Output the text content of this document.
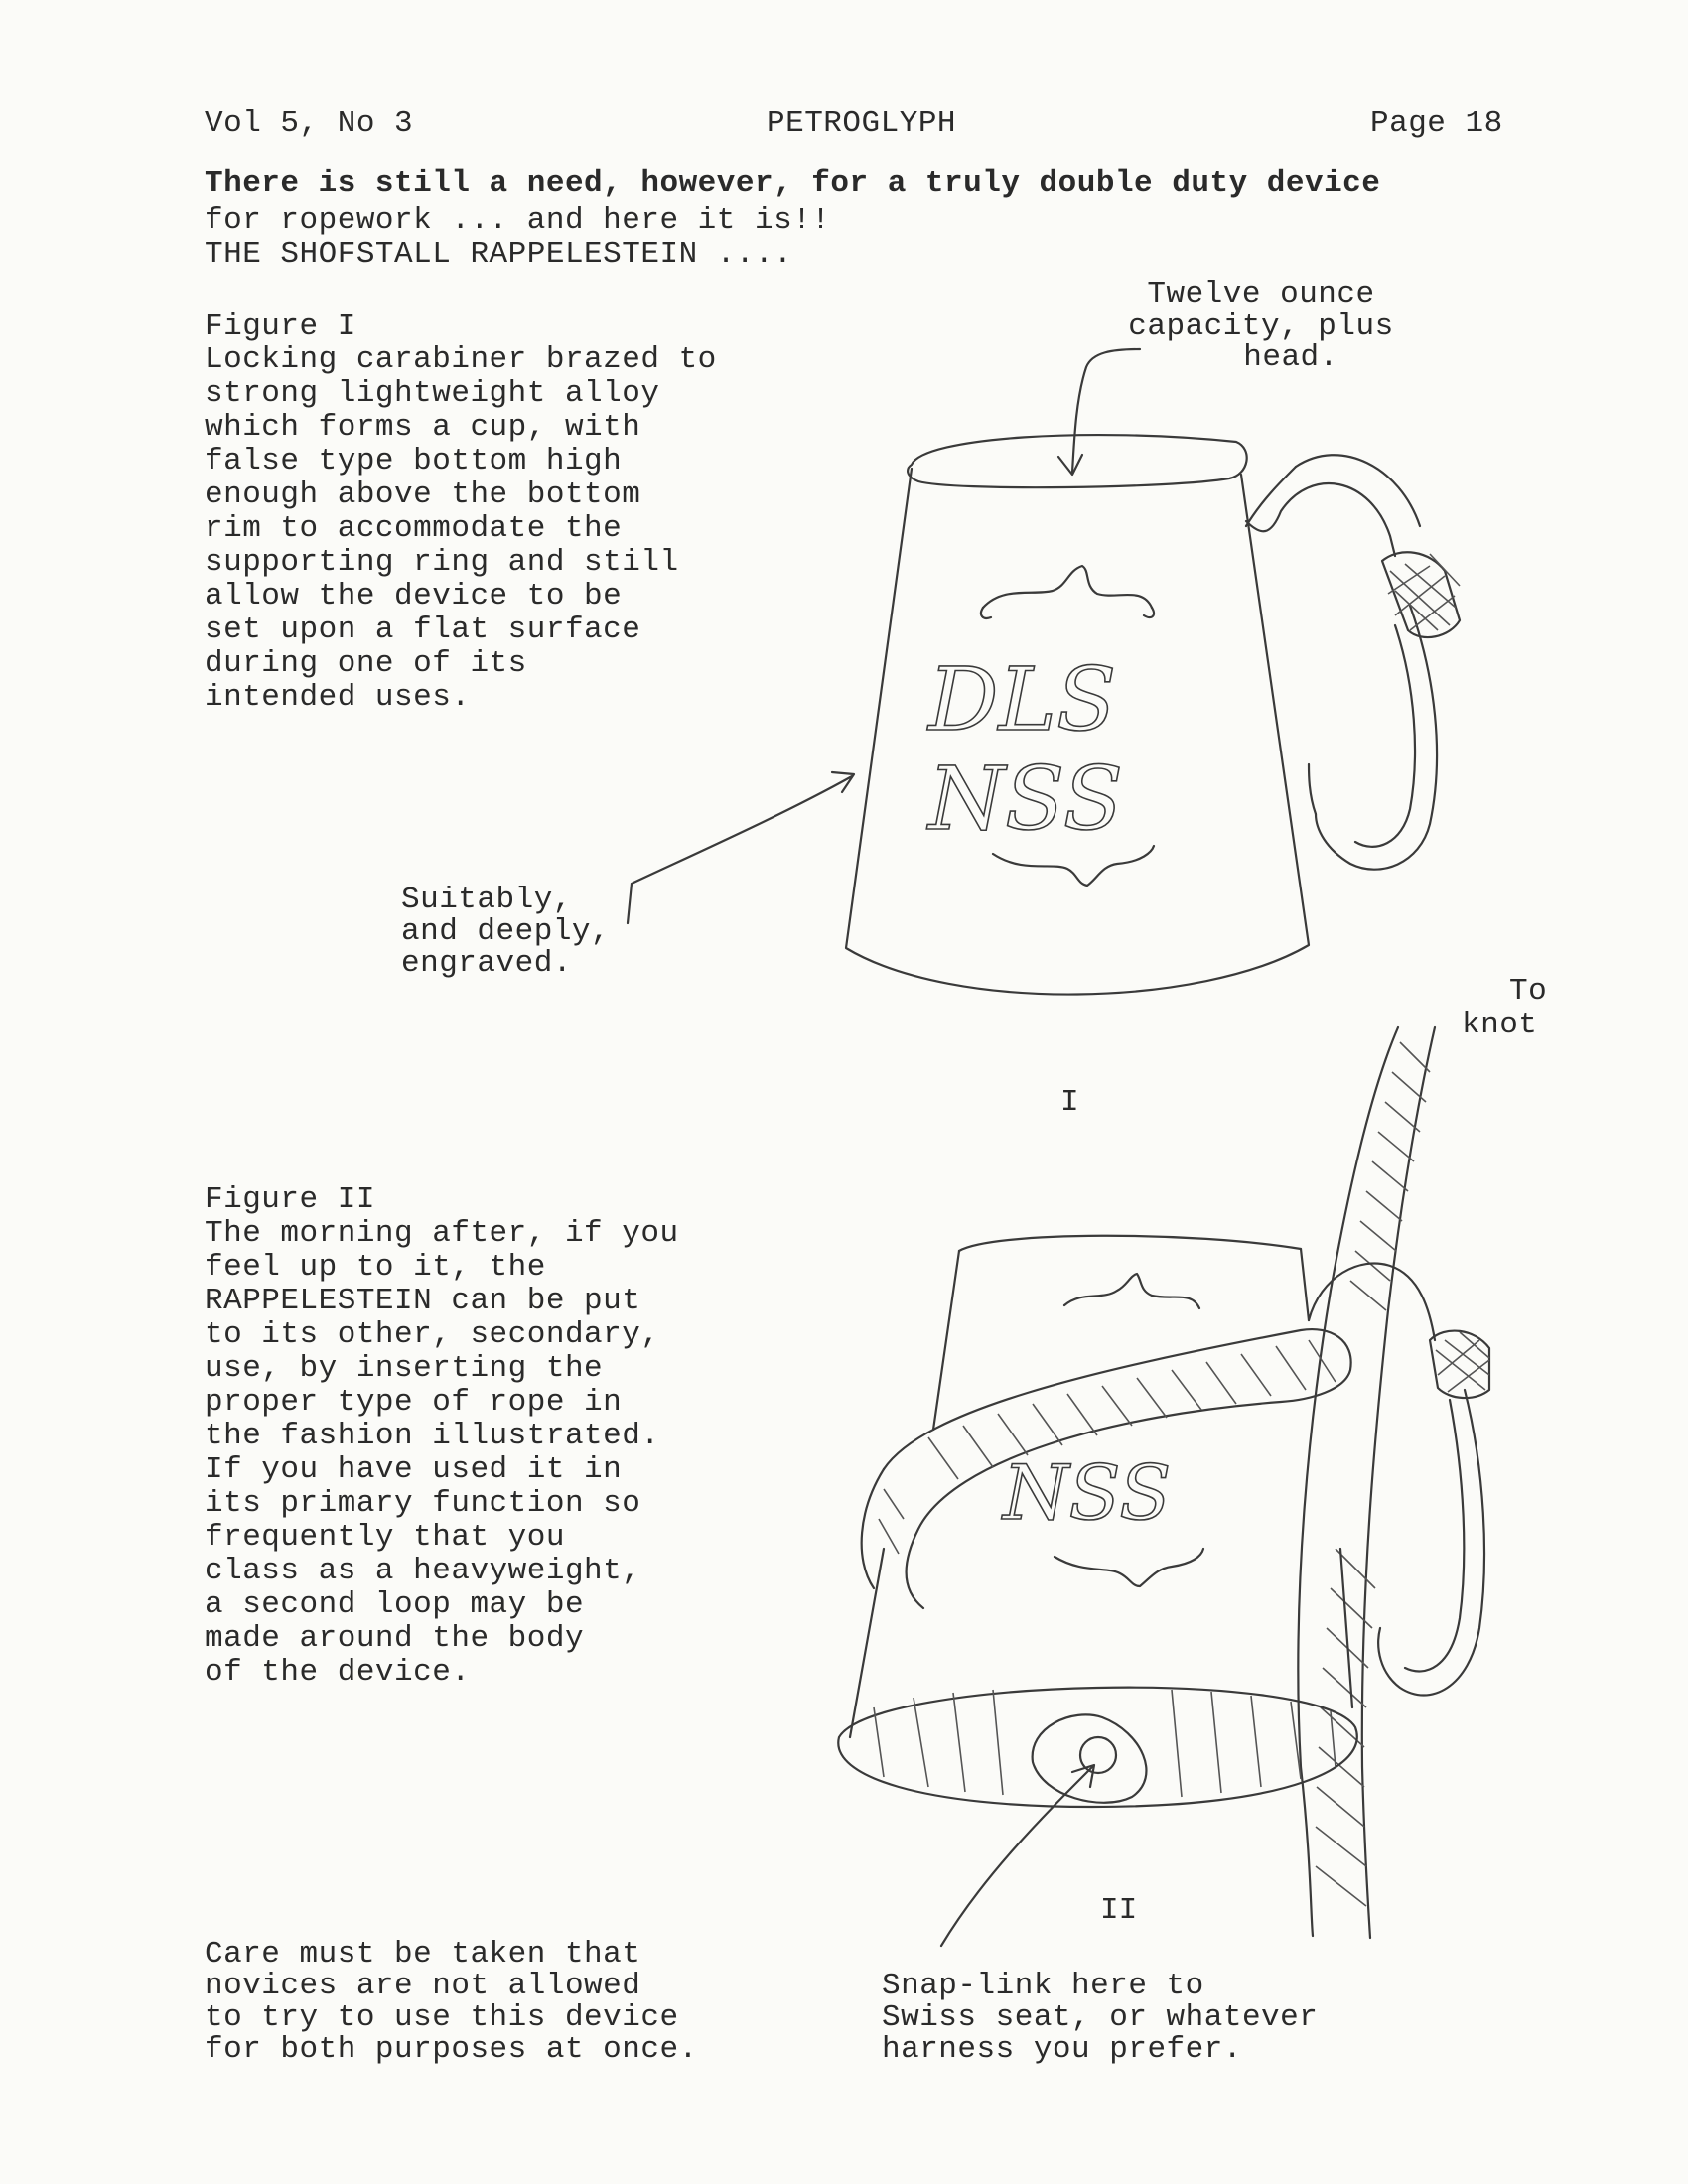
Vol 5, No 3	PETROGLYPH	Page 18
There is still a need, however, for a truly double duty device
for ropework ... and here it is!!
THE SHOFSTALL RAPPELESTEIN ....
Figure I
Locking carabiner brazed to
strong lightweight alloy
which forms a cup, with
false type bottom high
enough above the bottom
rim to accommodate the
supporting ring and still
allow the device to be
set upon a flat surface
during one of its
intended uses.
Twelve ounce
capacity, plus
head.
Suitably,
and deeply,
engraved.
To
knot
Figure II
The morning after, if you
feel up to it, the
RAPPELESTEIN can be put
to its other, secondary,
use, by inserting the
proper type of rope in
the fashion illustrated.
If you have used it in
its primary function so
frequently that you
class as a heavyweight,
a second loop may be
made around the body
of the device.
Care must be taken that
novices are not allowed
to try to use this device
for both purposes at once.
Snap-link here to
Swiss seat, or whatever
harness you prefer.
DLS
NSS
I
NSS
II
